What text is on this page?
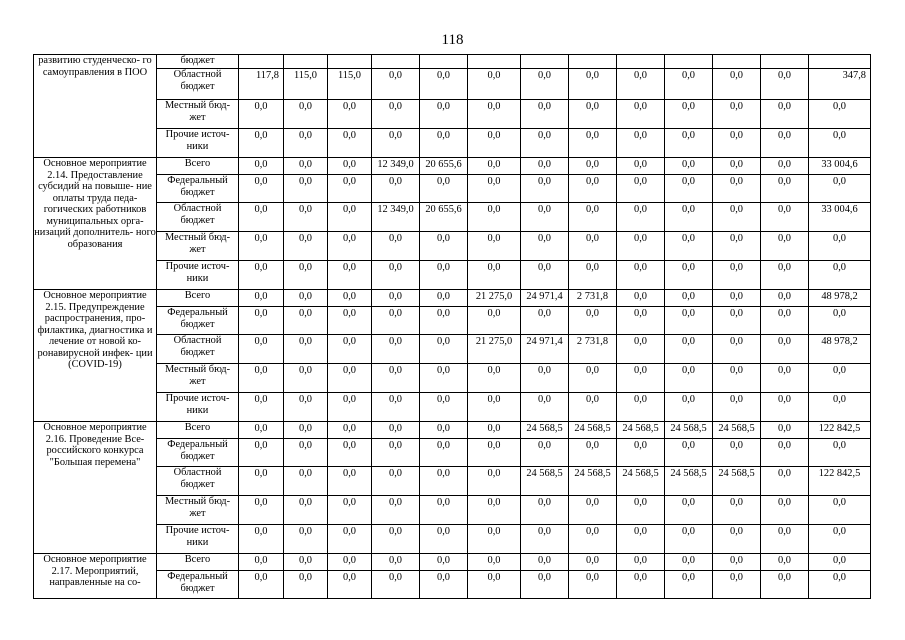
118
развитию студенческо- го самоуправления в ПОО	бюджет													
	Областной бюджет	117,8	115,0	115,0	0,0	0,0	0,0	0,0	0,0	0,0	0,0	0,0	0,0	347,8
	Местный бюд- жет	0,0	0,0	0,0	0,0	0,0	0,0	0,0	0,0	0,0	0,0	0,0	0,0	0,0
	Прочие источ- ники	0,0	0,0	0,0	0,0	0,0	0,0	0,0	0,0	0,0	0,0	0,0	0,0	0,0
Основное мероприятие 2.14. Предоставление субсидий на повыше- ние оплаты труда педа- гогических работников муниципальных орга- низаций дополнитель- ного образования	Всего	0,0	0,0	0,0	12 349,0	20 655,6	0,0	0,0	0,0	0,0	0,0	0,0	0,0	33 004,6
	Федеральный бюджет	0,0	0,0	0,0	0,0	0,0	0,0	0,0	0,0	0,0	0,0	0,0	0,0	0,0
	Областной бюджет	0,0	0,0	0,0	12 349,0	20 655,6	0,0	0,0	0,0	0,0	0,0	0,0	0,0	33 004,6
	Местный бюд- жет	0,0	0,0	0,0	0,0	0,0	0,0	0,0	0,0	0,0	0,0	0,0	0,0	0,0
	Прочие источ- ники	0,0	0,0	0,0	0,0	0,0	0,0	0,0	0,0	0,0	0,0	0,0	0,0	0,0
Основное мероприятие 2.15. Предупреждение распространения, про- филактика, диагностика и лечение от новой ко- ронавирусной инфек- ции (COVID-19)	Всего	0,0	0,0	0,0	0,0	0,0	21 275,0	24 971,4	2 731,8	0,0	0,0	0,0	0,0	48 978,2
	Федеральный бюджет	0,0	0,0	0,0	0,0	0,0	0,0	0,0	0,0	0,0	0,0	0,0	0,0	0,0
	Областной бюджет	0,0	0,0	0,0	0,0	0,0	21 275,0	24 971,4	2 731,8	0,0	0,0	0,0	0,0	48 978,2
	Местный бюд- жет	0,0	0,0	0,0	0,0	0,0	0,0	0,0	0,0	0,0	0,0	0,0	0,0	0,0
	Прочие источ- ники	0,0	0,0	0,0	0,0	0,0	0,0	0,0	0,0	0,0	0,0	0,0	0,0	0,0
Основное мероприятие 2.16. Проведение Все- российского конкурса "Большая перемена"	Всего	0,0	0,0	0,0	0,0	0,0	0,0	24 568,5	24 568,5	24 568,5	24 568,5	24 568,5	0,0	122 842,5
	Федеральный бюджет	0,0	0,0	0,0	0,0	0,0	0,0	0,0	0,0	0,0	0,0	0,0	0,0	0,0
	Областной бюджет	0,0	0,0	0,0	0,0	0,0	0,0	24 568,5	24 568,5	24 568,5	24 568,5	24 568,5	0,0	122 842,5
	Местный бюд- жет	0,0	0,0	0,0	0,0	0,0	0,0	0,0	0,0	0,0	0,0	0,0	0,0	0,0
	Прочие источ- ники	0,0	0,0	0,0	0,0	0,0	0,0	0,0	0,0	0,0	0,0	0,0	0,0	0,0
Основное мероприятие 2.17. Мероприятий, направленные на со-	Всего	0,0	0,0	0,0	0,0	0,0	0,0	0,0	0,0	0,0	0,0	0,0	0,0	0,0
	Федеральный бюджет	0,0	0,0	0,0	0,0	0,0	0,0	0,0	0,0	0,0	0,0	0,0	0,0	0,0
